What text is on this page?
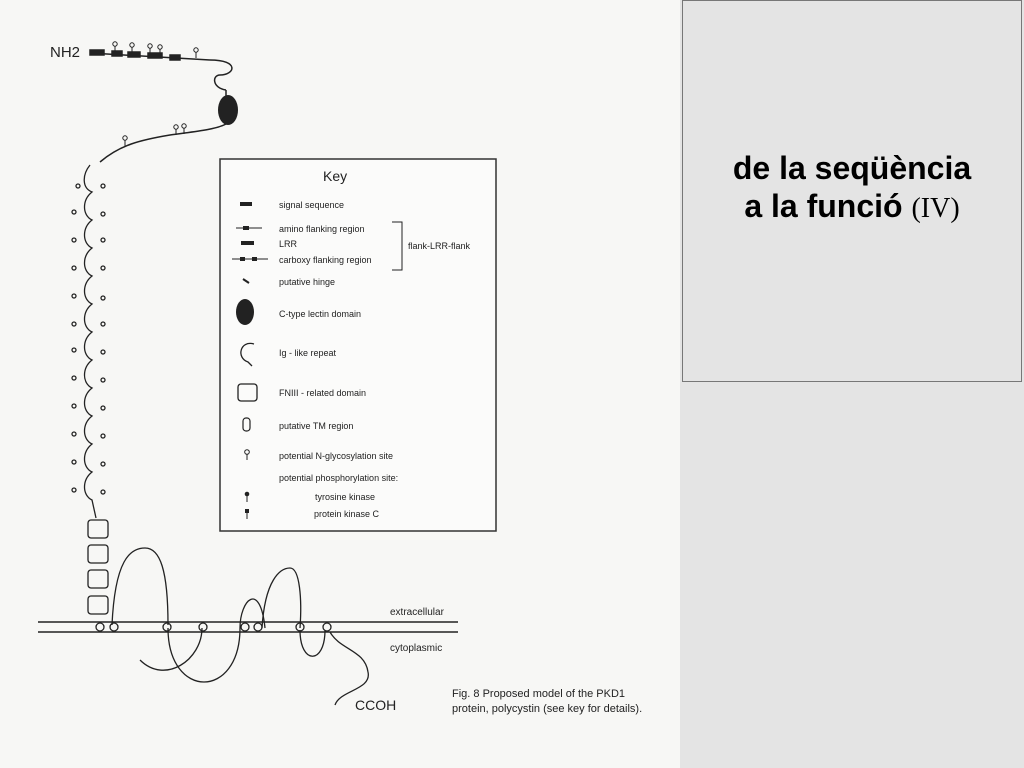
NH2
extracellular
cytoplasmic
CCOH
Fig. 8 Proposed model of the PKD1
protein, polycystin (see key for details).
Key
signal sequence
amino flanking region
LRR
carboxy flanking region
flank-LRR-flank
putative hinge
C-type lectin domain
Ig - like repeat
FNIII - related domain
putative TM region
potential N-glycosylation site
potential phosphorylation site:
tyrosine kinase
protein kinase C
de la seqüència
a la funció (IV)
